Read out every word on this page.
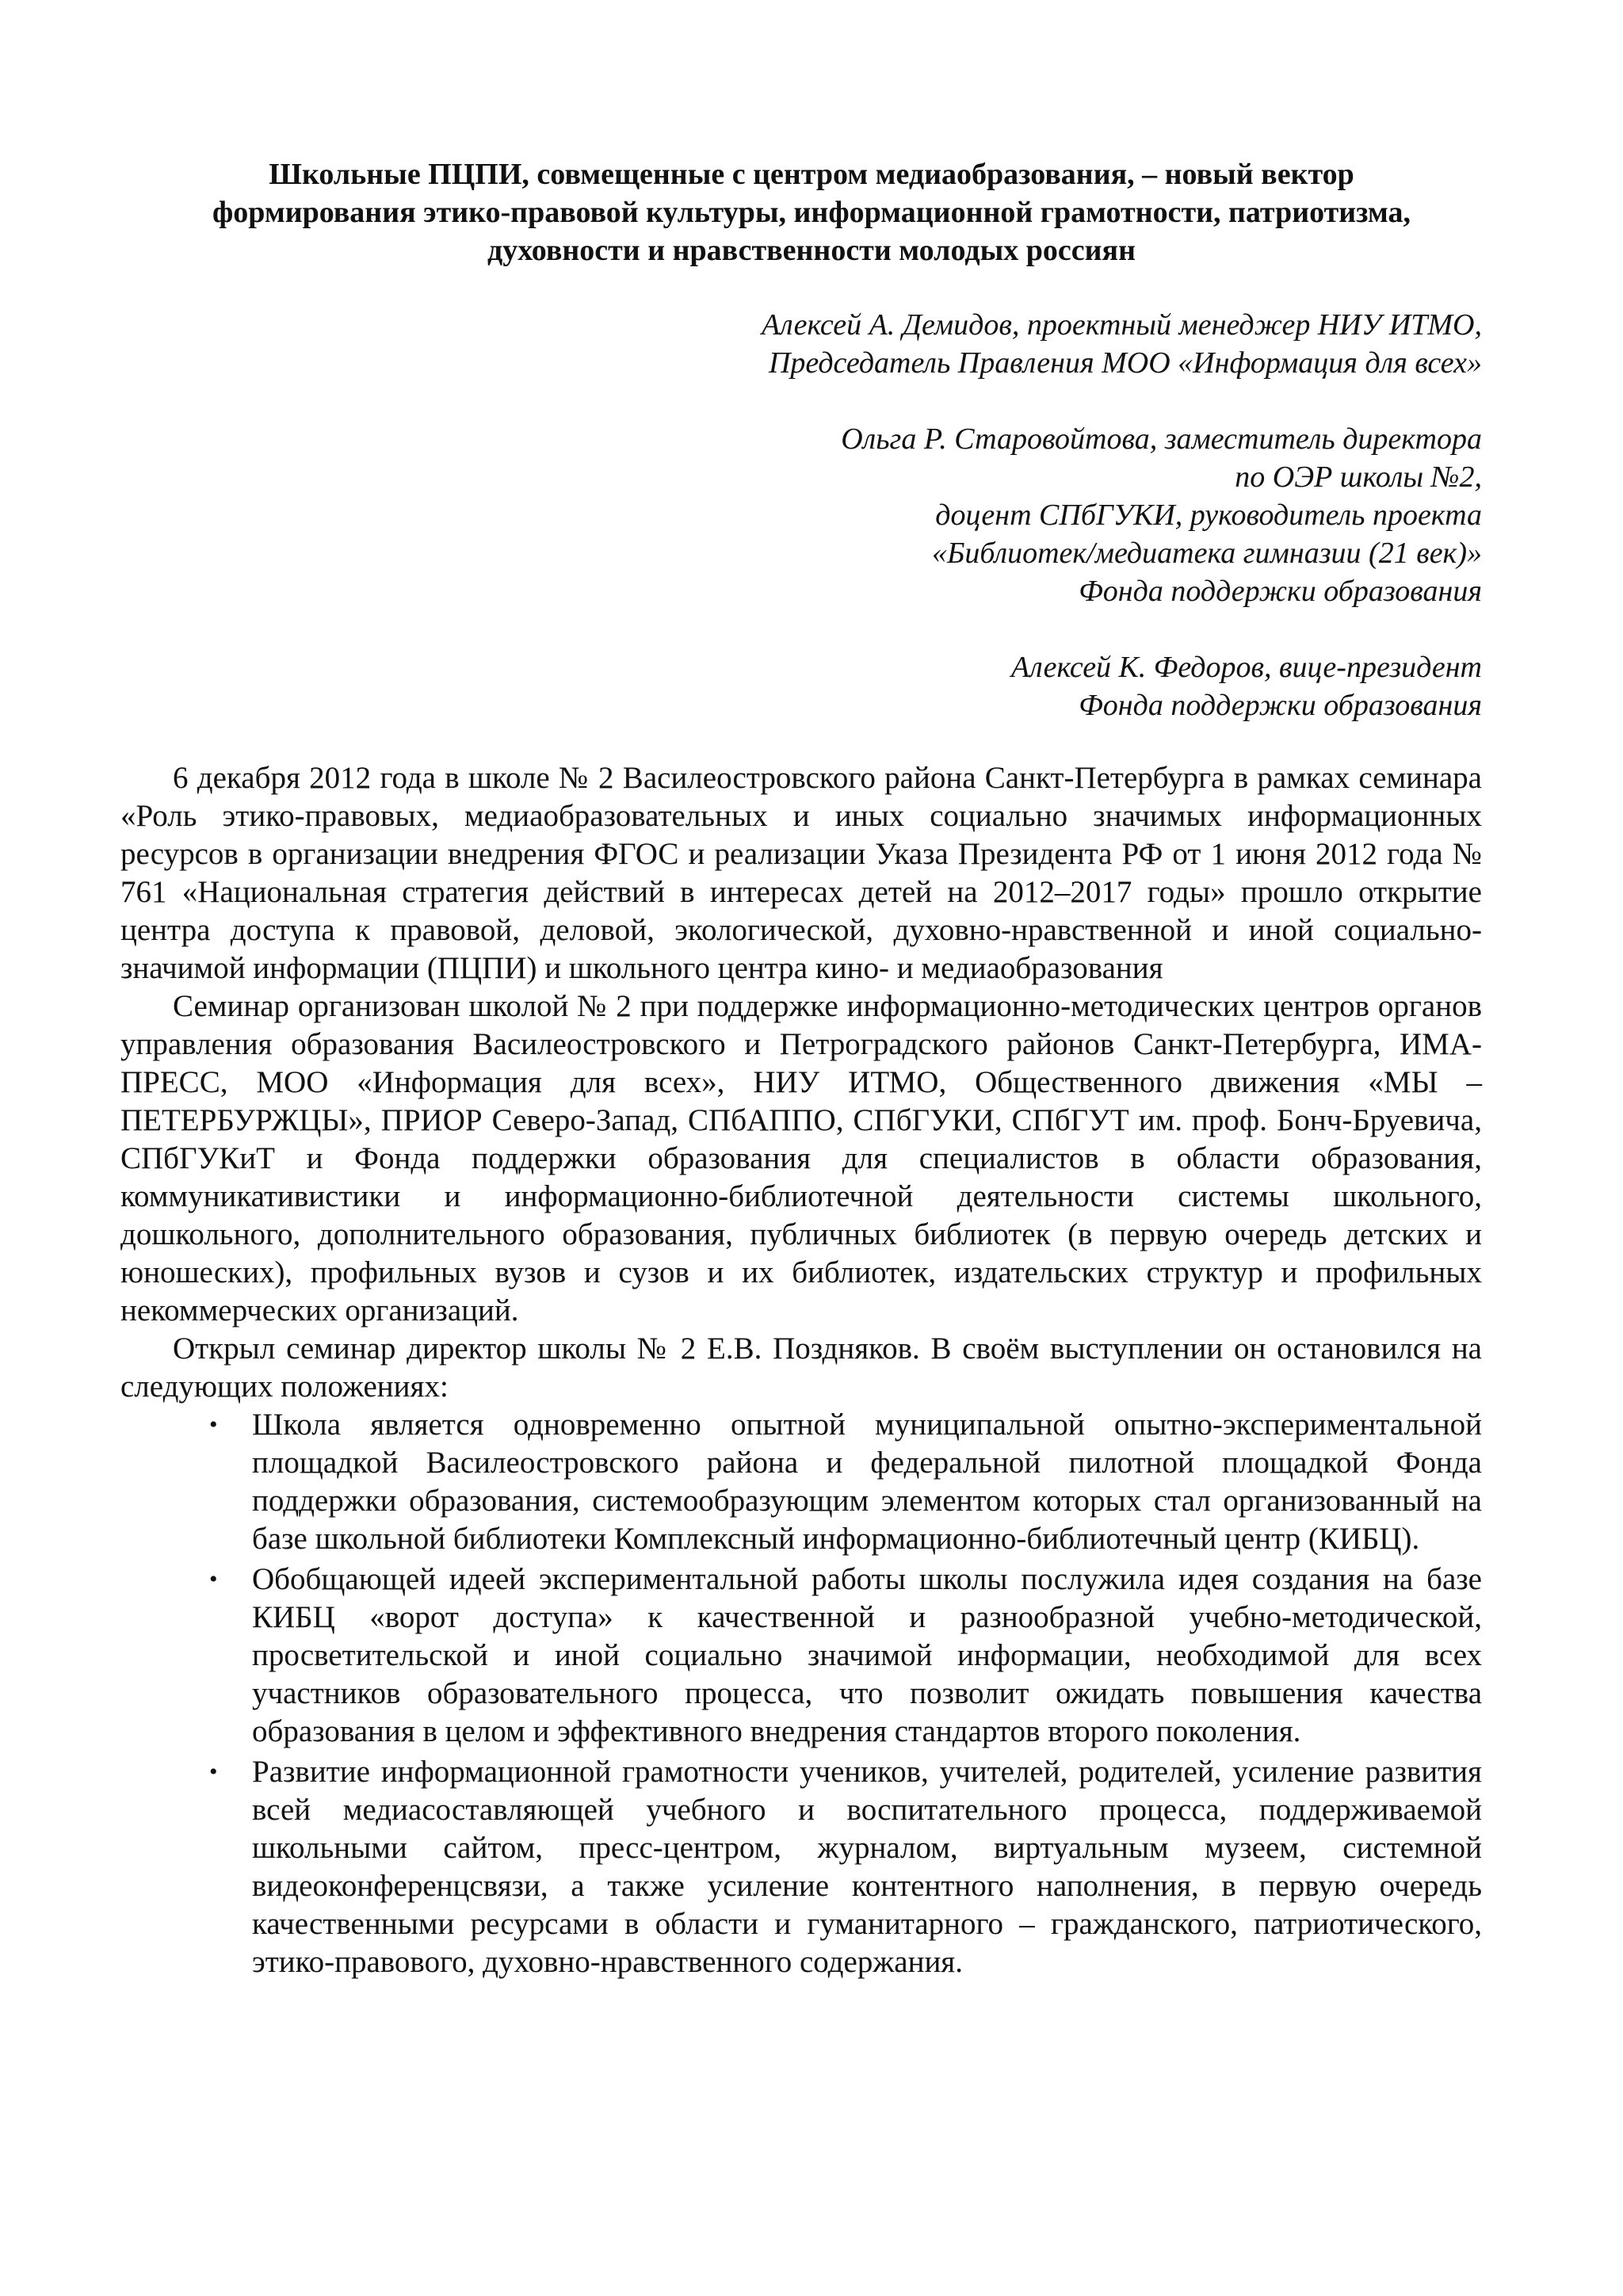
Школьные ПЦПИ, совмещенные с центром медиаобразования, – новый вектор
формирования этико-правовой культуры, информационной грамотности, патриотизма,
духовности и нравственности молодых россиян

Алексей А. Демидов, проектный менеджер НИУ ИТМО,
Председатель Правления МОО «Информация для всех»

Ольга Р. Старовойтова, заместитель директора
по ОЭР школы №2,
доцент СПбГУКИ, руководитель проекта
«Библиотек/медиатека гимназии (21 век)»
Фонда поддержки образования

Алексей К. Федоров, вице-президент
Фонда поддержки образования

6 декабря 2012 года в школе № 2 Василеостровского района Санкт-Петербурга в рамках семинара «Роль этико-правовых, медиаобразовательных и иных социально значимых информационных ресурсов в организации внедрения ФГОС и реализации Указа Президента РФ от 1 июня 2012 года № 761 «Национальная стратегия действий в интересах детей на 2012–2017 годы» прошло открытие центра доступа к правовой, деловой, экологической, духовно-нравственной и иной социально-значимой информации (ПЦПИ) и школьного центра кино- и медиаобразования

Семинар организован школой № 2 при поддержке информационно-методических центров органов управления образования Василеостровского и Петроградского районов Санкт-Петербурга, ИМА-ПРЕСС, МОО «Информация для всех», НИУ ИТМО, Общественного движения «МЫ – ПЕТЕРБУРЖЦЫ», ПРИОР Северо-Запад, СПбАППО, СПбГУКИ, СПбГУТ им. проф. Бонч-Бруевича, СПбГУКиТ и Фонда поддержки образования для специалистов в области образования, коммуникативистики и информационно-библиотечной деятельности системы школьного, дошкольного, дополнительного образования, публичных библиотек (в первую очередь детских и юношеских), профильных вузов и сузов и их библиотек, издательских структур и профильных некоммерческих организаций.

Открыл семинар директор школы № 2 Е.В. Поздняков. В своём выступлении он остановился на следующих положениях:

• Школа является одновременно опытной муниципальной опытно-экспериментальной площадкой Василеостровского района и федеральной пилотной площадкой Фонда поддержки образования, системообразующим элементом которых стал организованный на базе школьной библиотеки Комплексный информационно-библиотечный центр (КИБЦ).
• Обобщающей идеей экспериментальной работы школы послужила идея создания на базе КИБЦ «ворот доступа» к качественной и разнообразной учебно-методической, просветительской и иной социально значимой информации, необходимой для всех участников образовательного процесса, что позволит ожидать повышения качества образования в целом и эффективного внедрения стандартов второго поколения.
• Развитие информационной грамотности учеников, учителей, родителей, усиление развития всей медиасоставляющей учебного и воспитательного процесса, поддерживаемой школьными сайтом, пресс-центром, журналом, виртуальным музеем, системной видеоконференцсвязи, а также усиление контентного наполнения, в первую очередь качественными ресурсами в области и гуманитарного – гражданского, патриотического, этико-правового, духовно-нравственного содержания.
